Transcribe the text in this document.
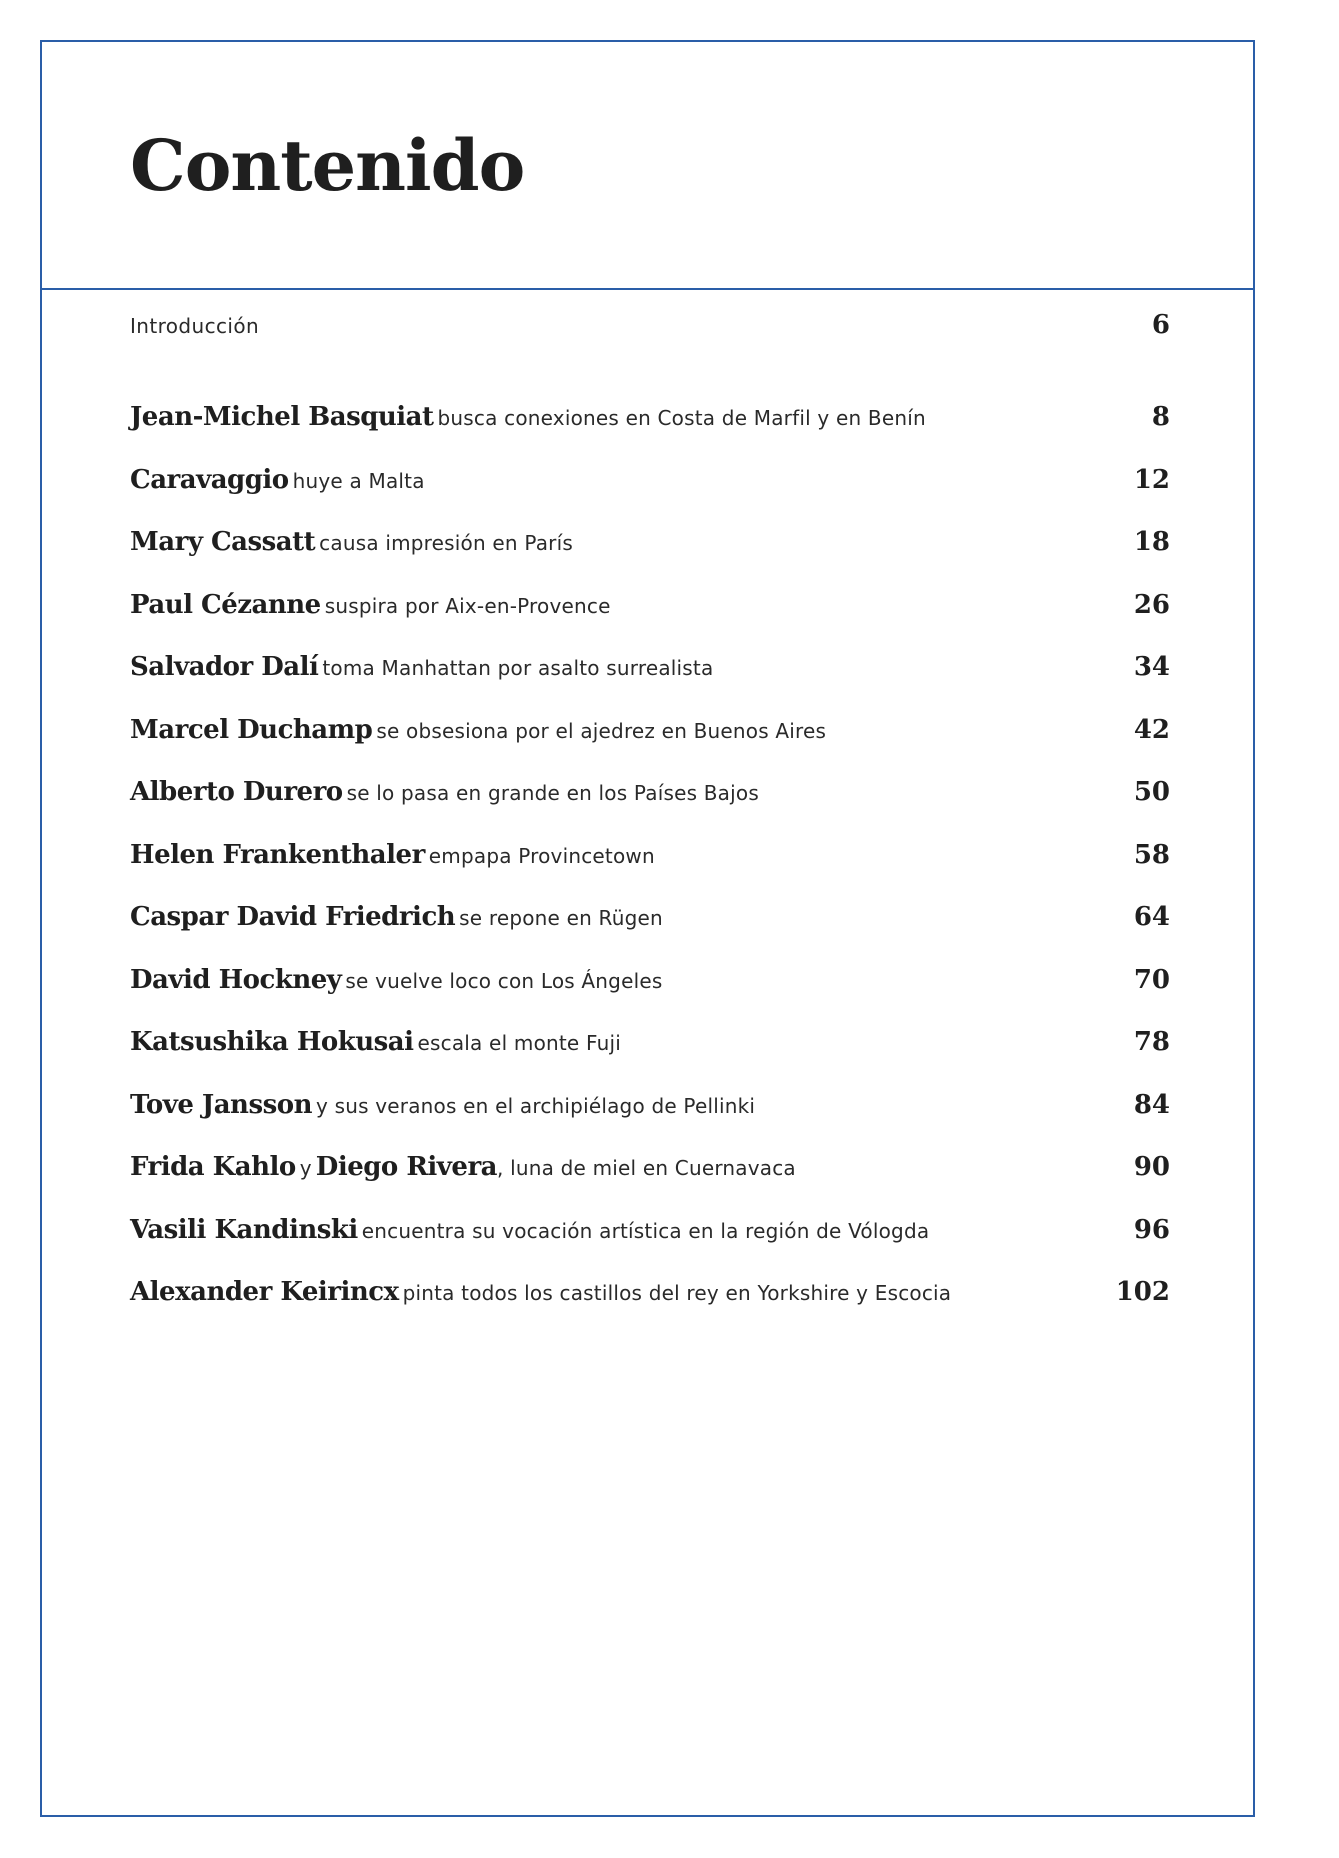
Contenido
Introducción	6
Jean-Michel Basquiat busca conexiones en Costa de Marfil y en Benín	8
Caravaggio huye a Malta	12
Mary Cassatt causa impresión en París	18
Paul Cézanne suspira por Aix-en-Provence	26
Salvador Dalí toma Manhattan por asalto surrealista	34
Marcel Duchamp se obsesiona por el ajedrez en Buenos Aires	42
Alberto Durero se lo pasa en grande en los Países Bajos	50
Helen Frankenthaler empapa Provincetown	58
Caspar David Friedrich se repone en Rügen	64
David Hockney se vuelve loco con Los Ángeles	70
Katsushika Hokusai escala el monte Fuji	78
Tove Jansson y sus veranos en el archipiélago de Pellinki	84
Frida Kahlo y Diego Rivera, luna de miel en Cuernavaca	90
Vasili Kandinski encuentra su vocación artística en la región de Vólogda	96
Alexander Keirincx pinta todos los castillos del rey en Yorkshire y Escocia	102
